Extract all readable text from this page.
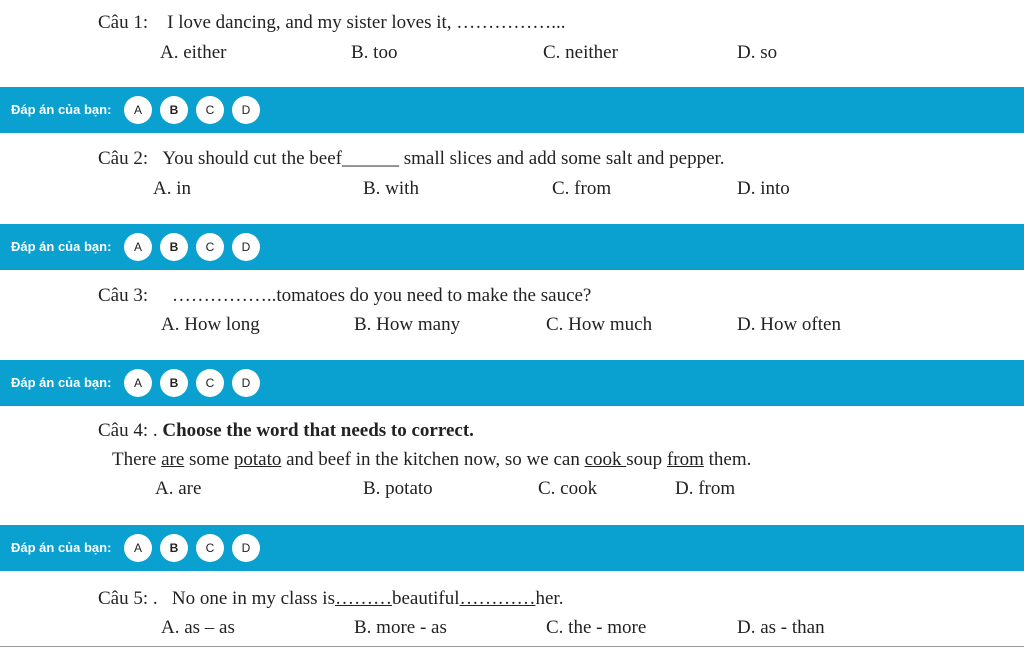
Câu 1: I love dancing, and my sister loves it, ……………...
A. either	B. too	C. neither	D. so
Đáp án của bạn:	A	B	C	D
Câu 2: You should cut the beef______ small slices and add some salt and pepper.
A. in	B. with	C. from	D. into
Đáp án của bạn:	A	B	C	D
Câu 3: ……………..tomatoes do you need to make the sauce?
A. How long	B. How many	C. How much	D. How often
Đáp án của bạn:	A	B	C	D
Câu 4: . Choose the word that needs to correct.
There are some potato and beef in the kitchen now, so we can cook soup from them.
A. are	B. potato	C. cook	D. from
Đáp án của bạn:	A	B	C	D
Câu 5: . No one in my class is………beautiful…………her.
A. as – as	B. more - as	C. the - more	D. as - than
